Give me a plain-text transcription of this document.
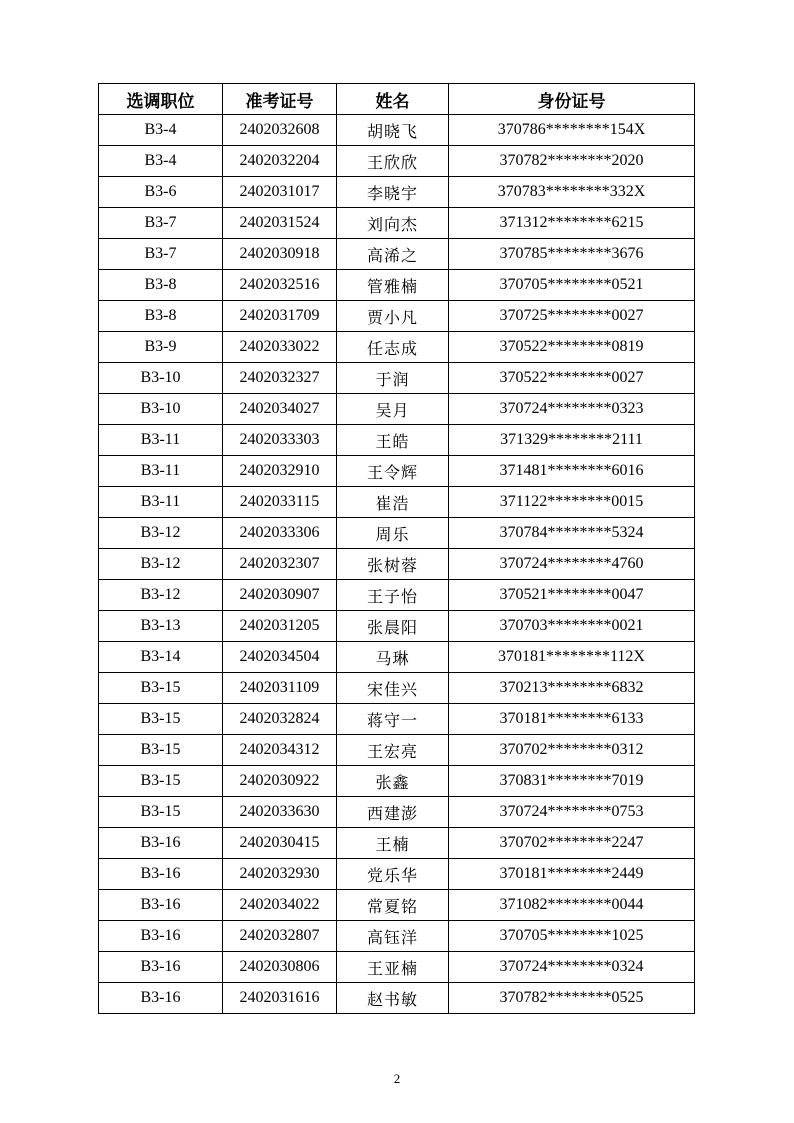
选调职位	准考证号	姓名	身份证号
B3-4	2402032608	胡晓飞	370786********154X
B3-4	2402032204	王欣欣	370782********2020
B3-6	2402031017	李晓宇	370783********332X
B3-7	2402031524	刘向杰	371312********6215
B3-7	2402030918	高浠之	370785********3676
B3-8	2402032516	管雅楠	370705********0521
B3-8	2402031709	贾小凡	370725********0027
B3-9	2402033022	任志成	370522********0819
B3-10	2402032327	于润	370522********0027
B3-10	2402034027	吴月	370724********0323
B3-11	2402033303	王皓	371329********2111
B3-11	2402032910	王令辉	371481********6016
B3-11	2402033115	崔浩	371122********0015
B3-12	2402033306	周乐	370784********5324
B3-12	2402032307	张树蓉	370724********4760
B3-12	2402030907	王子怡	370521********0047
B3-13	2402031205	张晨阳	370703********0021
B3-14	2402034504	马琳	370181********112X
B3-15	2402031109	宋佳兴	370213********6832
B3-15	2402032824	蒋守一	370181********6133
B3-15	2402034312	王宏亮	370702********0312
B3-15	2402030922	张鑫	370831********7019
B3-15	2402033630	西建澎	370724********0753
B3-16	2402030415	王楠	370702********2247
B3-16	2402032930	党乐华	370181********2449
B3-16	2402034022	常夏铭	371082********0044
B3-16	2402032807	高钰洋	370705********1025
B3-16	2402030806	王亚楠	370724********0324
B3-16	2402031616	赵书敏	370782********0525
2
